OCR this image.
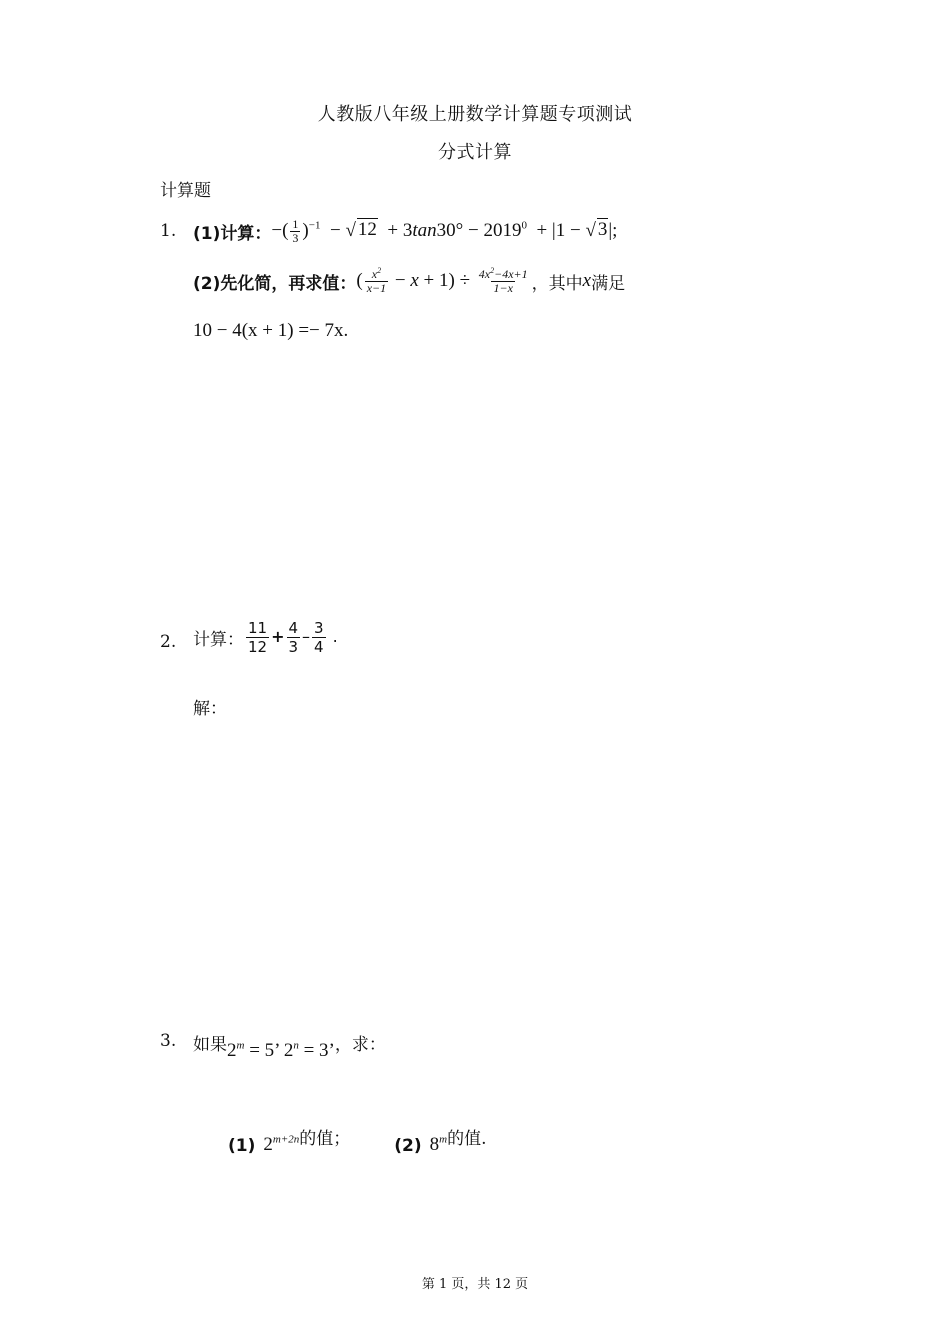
人教版八年级上册数学计算题专项测试
分式计算
计算题
1. (1)计算： −( $\frac{1}{3} )^{-1}$  − √ $12 + 3\tan 30^\circ - 2019^0 + |1$ − √ 3|;
(2)先化简，再求值： ( $\frac{x^2}{x-1} - x + 1) \div \frac{4x^2-4x+1}{1-x}$ ，其中 x 满足
10 − 4(x + 1) =− 7x.
2. 计算： $\frac{11}{12} + \frac{4}{3} - \frac{3}{4}$ .
解：
3. 如果 $2^m = 5$’ $2^n = 3$’ ，求：
(1) $2^{m+2n}$ 的值；	(2) 8$^m$ 的值.
第 1 页，共 12 页
